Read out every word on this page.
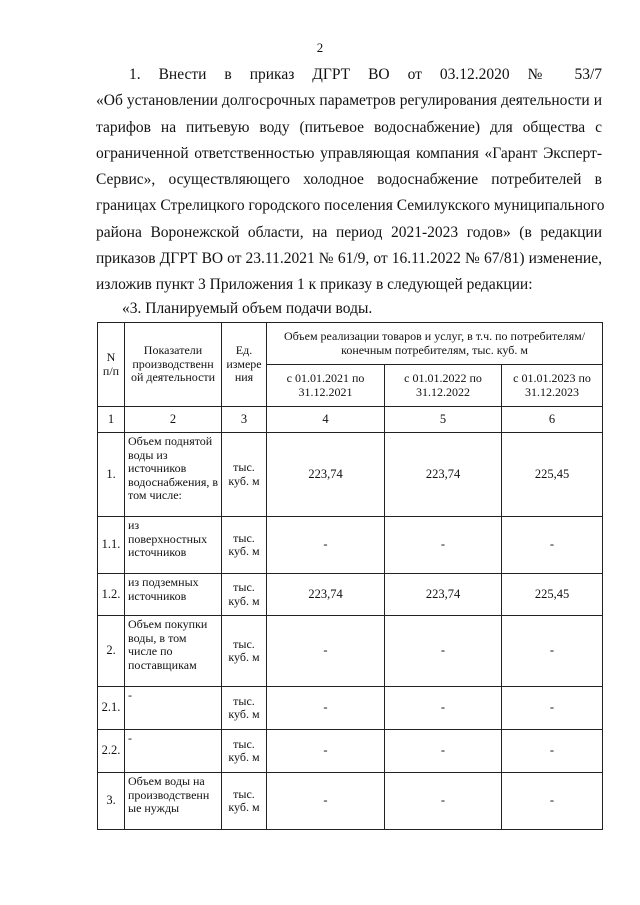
2
1. Внести в приказ ДГРТ ВО от 03.12.2020 № 53/7
«Об установлении долгосрочных параметров регулирования деятельности и
тарифов на питьевую воду (питьевое водоснабжение) для общества с
ограниченной ответственностью управляющая компания «Гарант Эксперт-
Сервис», осуществляющего холодное водоснабжение потребителей в
границах Стрелицкого городского поселения Семилукского муниципального
района Воронежской области, на период 2021-2023 годов» (в редакции
приказов ДГРТ ВО от 23.11.2021 № 61/9, от 16.11.2022 № 67/81) изменение,
изложив пункт 3 Приложения 1 к приказу в следующей редакции:
«3. Планируемый объем подачи воды.
N п/п	Показатели производственн ой деятельности	Ед. измере ния	Объем реализации товаров и услуг, в т.ч. по потребителям/ конечным потребителям, тыс. куб. м		
			с 01.01.2021 по 31.12.2021	с 01.01.2022 по 31.12.2022	с 01.01.2023 по 31.12.2023
1	2	3	4	5	6
1.	Объем поднятой воды из источников водоснабжения, в том числе:	тыс. куб. м	223,74	223,74	225,45
1.1.	из поверхностных источников	тыс. куб. м	-	-	-
1.2.	из подземных источников	тыс. куб. м	223,74	223,74	225,45
2.	Объем покупки воды, в том числе по поставщикам	тыс. куб. м	-	-	-
2.1.	-	тыс. куб. м	-	-	-
2.2.	-	тыс. куб. м	-	-	-
3.	Объем воды на производственн ые нужды	тыс. куб. м	-	-	-
